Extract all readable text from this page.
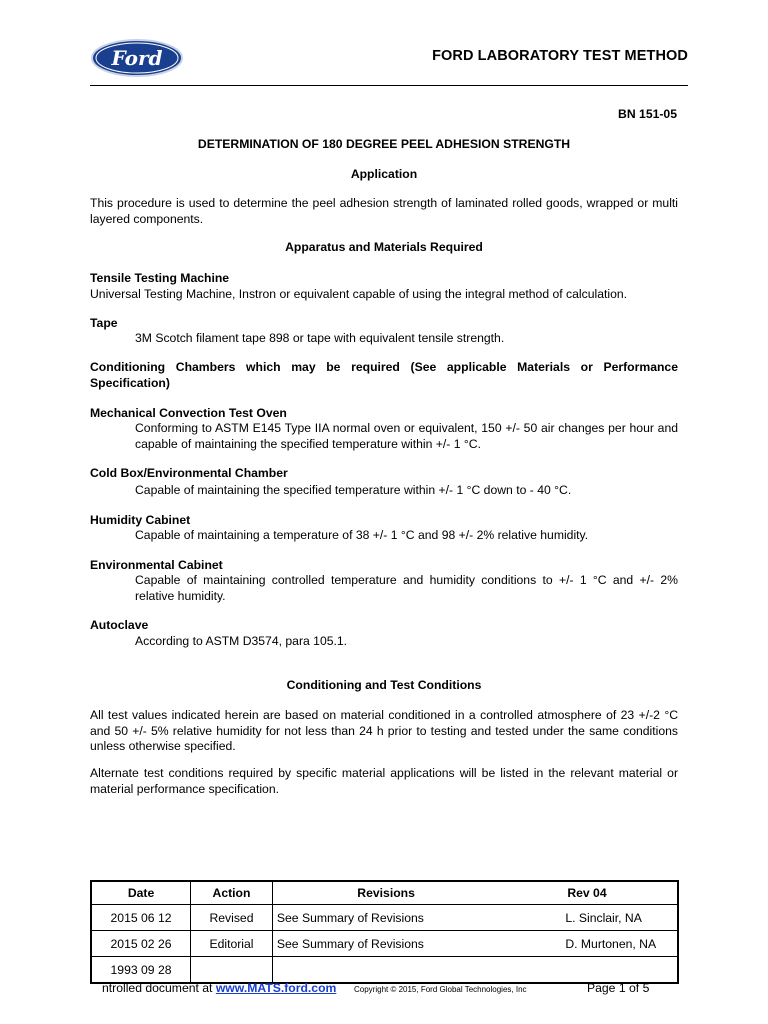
Ford	FORD LABORATORY TEST METHOD
BN 151-05
DETERMINATION OF 180 DEGREE PEEL ADHESION STRENGTH
Application
This procedure is used to determine the peel adhesion strength of laminated rolled goods, wrapped or multi layered components.
Apparatus and Materials Required
Tensile Testing Machine
Universal Testing Machine, Instron or equivalent capable of using the integral method of calculation.
Tape
3M Scotch filament tape 898 or tape with equivalent tensile strength.
Conditioning Chambers which may be required (See applicable Materials or Performance Specification)
Mechanical Convection Test Oven
Conforming to ASTM E145 Type IIA normal oven or equivalent, 150 +/- 50 air changes per hour and capable of maintaining the specified temperature within +/- 1 °C.
Cold Box/Environmental Chamber
Capable of maintaining the specified temperature within +/- 1 °C down to - 40 °C.
Humidity Cabinet
Capable of maintaining a temperature of 38 +/- 1 °C and 98 +/- 2% relative humidity.
Environmental Cabinet
Capable of maintaining controlled temperature and humidity conditions to +/- 1 °C and +/- 2% relative humidity.
Autoclave
According to ASTM D3574, para 105.1.
Conditioning and Test Conditions
All test values indicated herein are based on material conditioned in a controlled atmosphere of 23 +/-2 °C and 50 +/- 5% relative humidity for not less than 24 h prior to testing and tested under the same conditions unless otherwise specified.
Alternate test conditions required by specific material applications will be listed in the relevant material or material performance specification.
Date	Action	Revisions	Rev 04
2015 06 12	Revised	See Summary of Revisions	L. Sinclair, NA
2015 02 26	Editorial	See Summary of Revisions	D. Murtonen, NA
1993 09 28			
ntrolled document at www.MATS.ford.com Copyright © 2015, Ford Global Technologies, Inc	Page 1 of 5
